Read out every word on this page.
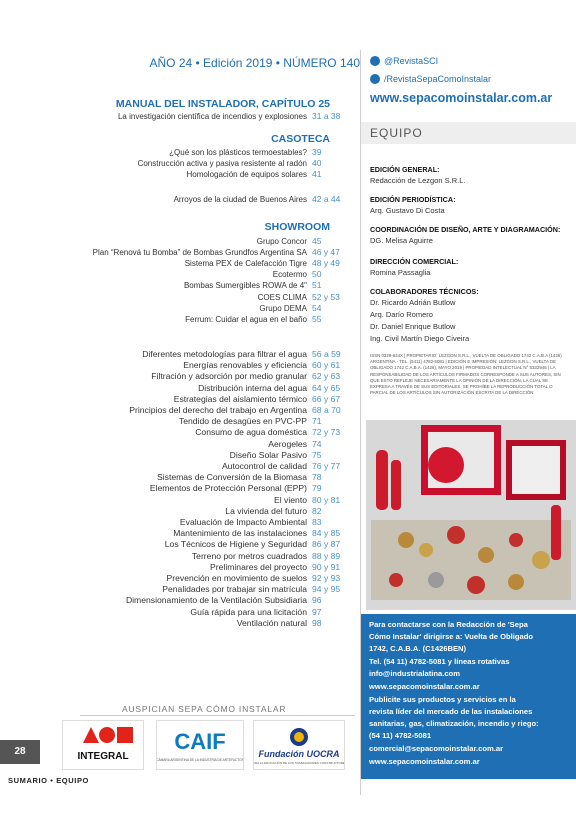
AÑO 24 • Edición 2019 • NÚMERO 140
MANUAL DEL INSTALADOR, CAPÍTULO 25
La investigación científica de incendios y explosiones 31 a 38
CASOTECA
¿Qué son los plásticos termoestables? 39
Construcción activa y pasiva resistente al radón 40
Homologación de equipos solares 41
Arroyos de la ciudad de Buenos Aires 42 a 44
SHOWROOM
Grupo Concor 45
Plan “Renová tu Bomba” de Bombas Grundfos Argentina SA 46 y 47
Sistema PEX de Calefacción Tigre 48 y 49
Ecotermo 50
Bombas Sumergibles ROWA de 4" 51
COES CLIMA 52 y 53
Grupo DEMA 54
Ferrum: Cuidar el agua en el baño 55
Diferentes metodologías para filtrar el agua 56 a 59
Energías renovables y eficiencia 60 y 61
Filtración y adsorción por medio granular 62 y 63
Distribución interna del agua 64 y 65
Estrategias del aislamiento térmico 66 y 67
Principios del derecho del trabajo en Argentina 68 a 70
Tendido de desagües en PVC-PP 71
Consumo de agua doméstica 72 y 73
Aerogeles 74
Diseño Solar Pasivo 75
Autocontrol de calidad 76 y 77
Sistemas de Conversión de la Biomasa 78
Elementos de Protección Personal (EPP) 79
El viento 80 y 81
La vivienda del futuro 82
Evaluación de Impacto Ambiental 83
Mantenimiento de las instalaciones 84 y 85
Los Técnicos de Higiene y Seguridad 86 y 87
Terreno por metros cuadrados 88 y 89
Preliminares del proyecto 90 y 91
Prevención en movimiento de suelos 92 y 93
Penalidades por trabajar sin matrícula 94 y 95
Dimensionamiento de la Ventilación Subsidiaria 96
Guía rápida para una licitación 97
Ventilación natural 98
@RevistaSCI
/RevistaSepaComoInstalar
www.sepacomoinstalar.com.ar
EQUIPO
EDICIÓN GENERAL:
Redacción de Lezgon S.R.L.
EDICIÓN PERIODÍSTICA:
Arq. Gustavo Di Costa
COORDINACIÓN DE DISEÑO, ARTE Y DIAGRAMACIÓN:
DG. Melisa Aguirre
DIRECCIÓN COMERCIAL:
Romina Passaglia
COLABORADORES TÉCNICOS:
Dr. Ricardo Adrián Butlow
Arq. Darío Romero
Dr. Daniel Enrique Butlow
Ing. Civil Martín Diego Civeira
ISSN 0329-634X | PROPIETARIO: LEZGON S.R.L., VUELTA DE OBLIGADO 1742 C.A.B.A (1426) ARGENTINA - TEL. (5411) 4782-5081 | EDICIÓN E IMPRESIÓN: LEZGON S.R.L., VUELTA DE OBLIGADO 1742 C.A.B.A. (1426), MAYO 2019 | PROPIEDAD INTELECTUAL N° 5332946 | LA RESPONSABILIDAD DE LOS ARTÍCULOS FIRMADOS CORRESPONDE A SUS AUTORES, SIN QUE ESTO REFLEJE NECESARIAMENTE LA OPINIÓN DE LA DIRECCIÓN, LA CUAL SE EXPRESA A TRAVÉS DE SUS EDITORIALES. SE PROHÍBE LA REPRODUCCIÓN TOTAL O PARCIAL DE LOS ARTÍCULOS SIN AUTORIZACIÓN ESCRITA DE LA DIRECCIÓN
Para contactarse con la Redacción de 'Sepa
Cómo Instalar' dirigirse a: Vuelta de Obligado
1742, C.A.B.A. (C1426BEN)
Tel. (54 11) 4782-5081 y líneas rotativas
info@industrialatina.com
www.sepacomoinstalar.com.ar
Publicite sus productos y servicios en la
revista líder del mercado de las instalaciones
sanitarias, gas, climatización, incendio y riego:
(54 11) 4782-5081
comercial@sepacomoinstalar.com.ar
www.sepacomoinstalar.com.ar
AUSPICIAN SEPA CÓMO INSTALAR
INTEGRAL
CAIF
CÁMARA ARGENTINA DE LA INDUSTRIA DE ARTEFACTOS
Fundación UOCRA
PARA LA EDUCACIÓN DE LOS TRABAJADORES CONSTRUCTORES
28
SUMARIO • EQUIPO
